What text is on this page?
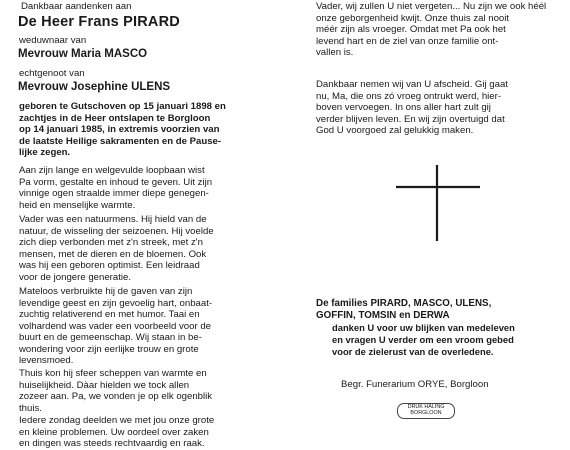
Dankbaar aandenken aan

De Heer Frans PIRARD

weduwnaar van

Mevrouw Maria MASCO

echtgenoot van

Mevrouw Josephine ULENS

geboren te Gutschoven op 15 januari 1898 en

zachtjes in de Heer ontslapen te Borgloon

op 14 januari 1985, in extremis voorzien van

de laatste Heilige sakramenten en de Pause-

lijke zegen.

Aan zijn lange en welgevulde loopbaan wist

Pa vorm, gestalte en inhoud te geven. Uit zijn

vinnige ogen straalde immer diepe genegen-

heid en menselijke warmte.

Vader was een natuurmens. Hij hield van de

natuur, de wisseling der seizoenen. Hij voelde

zich diep verbonden met z'n streek, met z'n

mensen, met de dieren en de bloemen. Ook

was hij een geboren optimist. Een leidraad

voor de jongere generatie.

Mateloos verbruikte hij de gaven van zijn

levendige geest en zijn gevoelig hart, onbaat-

zuchtig relativerend en met humor. Taai en

volhardend was vader een voorbeeld voor de

buurt en de gemeenschap. Wij staan in be-

wondering voor zijn eerlijke trouw en grote

levensmoed.

Thuis kon hij sfeer scheppen van warmte en

huiselijkheid. Dàar hielden we tock allen

zozeer aan. Pa, we vonden je op elk ogenblik

thuis.

Iedere zondag deelden we met jou onze grote

en kleine problemen. Uw oordeel over zaken

en dingen was steeds rechtvaardig en raak.

Vader, wij zullen U niet vergeten... Nu zijn we ook héél

onze geborgenheid kwijt. Onze thuis zal nooit

méér zijn als vroeger. Omdat met Pa ook het

levend hart en de ziel van onze familie ont-

vallen is.

Dankbaar nemen wij van U afscheid. Gij gaat

nu, Ma, die ons zó vroeg ontrukt werd, hier-

boven vervoegen. In ons aller hart zult gij

verder blijven leven. En wij zijn overtuigd dat

God U voorgoed zal gelukkig maken.

De families PIRARD, MASCO, ULENS,

GOFFIN, TOMSIN en DERWA

danken U voor uw blijken van medeleven

en vragen U verder om een vroom gebed

voor de zielerust van de overledene.

Begr. Funerarium ORYE, Borgloon

DRUK HALING
BORGLOON
